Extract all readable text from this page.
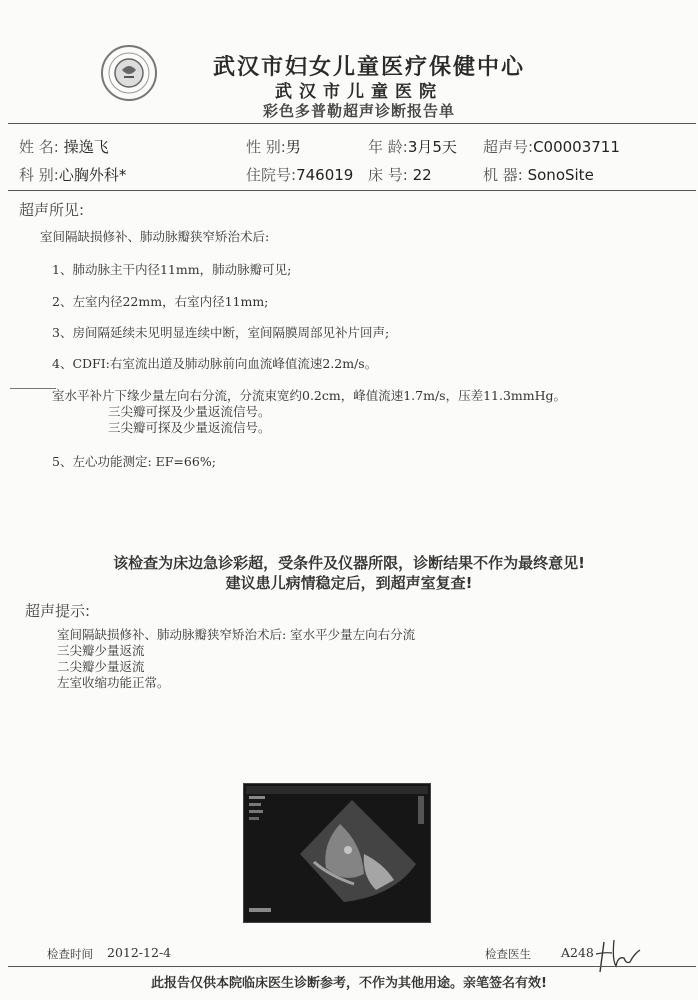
武汉市妇女儿童医疗保健中心
武汉市儿童医院
彩色多普勒超声诊断报告单
姓 名: 操逸飞	性 别:男	年 龄:3月5天 超声号:C00003711
科 别:心胸外科*	住院号:746019 床 号: 22	机 器: SonoSite
超声所见:
室间隔缺损修补、肺动脉瓣狭窄矫治术后:
1、肺动脉主干内径11mm，肺动脉瓣可见;
2、左室内径22mm，右室内径11mm;
3、房间隔延续未见明显连续中断，室间隔膜周部见补片回声;
4、CDFI:右室流出道及肺动脉前向血流峰值流速2.2m/s。
室水平补片下缘少量左向右分流，分流束宽约0.2cm，峰值流速1.7m/s，压差11.3mmHg。
三尖瓣可探及少量返流信号。
三尖瓣可探及少量返流信号。
5、左心功能测定: EF=66%;
该检查为床边急诊彩超，受条件及仪器所限，诊断结果不作为最终意见!
建议患儿病情稳定后，到超声室复查!
超声提示:
室间隔缺损修补、肺动脉瓣狭窄矫治术后: 室水平少量左向右分流
三尖瓣少量返流
二尖瓣少量返流
左室收缩功能正常。
检查时间 2012-12-4	检查医生 A248
此报告仅供本院临床医生诊断参考，不作为其他用途。亲笔签名有效!
